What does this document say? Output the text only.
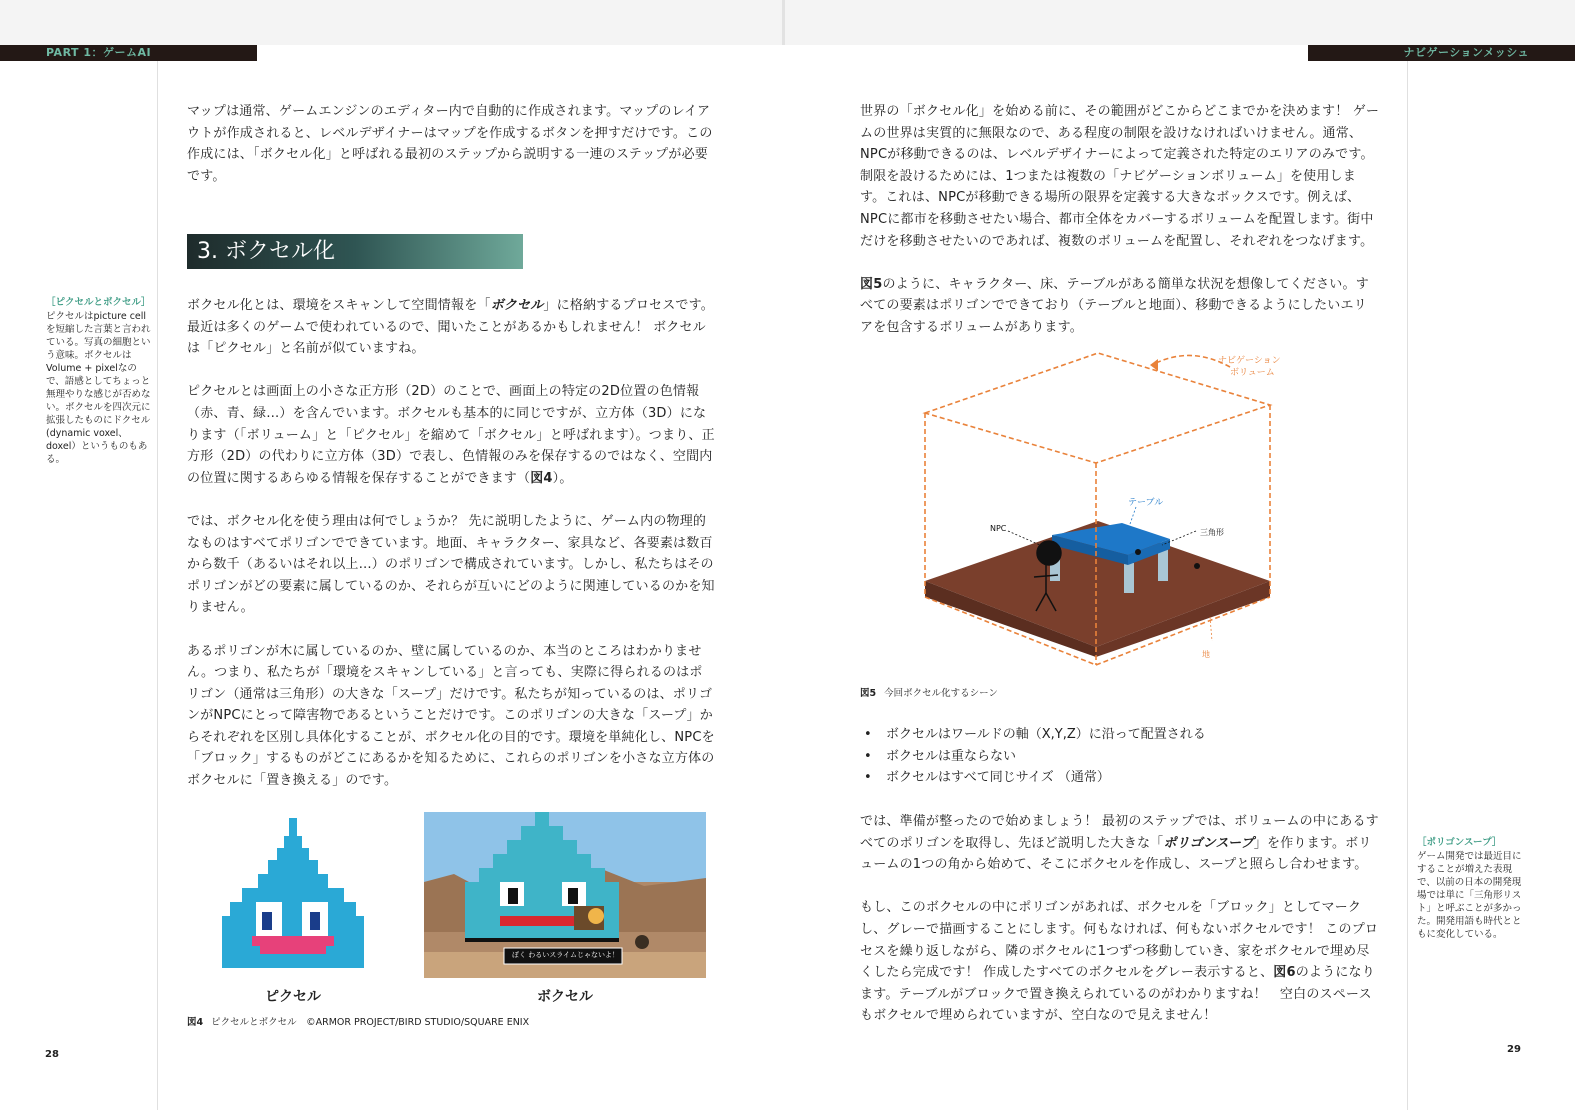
PART 1：ゲームAI	ナビゲーションメッシュ

マップは通常、ゲームエンジンのエディター内で自動的に作成されます。マップのレイアウトが作成されると、レベルデザイナーはマップを作成するボタンを押すだけです。この作成には、「ボクセル化」と呼ばれる最初のステップから説明する一連のステップが必要です。

3. ボクセル化
［ピクセルとボクセル］
ピクセルはpicture cellを短縮した言葉と言われている。写真の細胞という意味。ボクセルはVolume + pixelなので、語感としてちょっと無理やりな感じが否めない。ボクセルを四次元に拡張したものにドクセル(dynamic voxel、doxel）というものもある。

ボクセル化とは、環境をスキャンして空間情報を「ボクセル」に格納するプロセスです。最近は多くのゲームで使われているので、聞いたことがあるかもしれません！ ボクセルは「ピクセル」と名前が似ていますね。

ピクセルとは画面上の小さな正方形（2D）のことで、画面上の特定の2D位置の色情報（赤、青、緑…）を含んでいます。ボクセルも基本的に同じですが、立方体（3D）になります（「ボリューム」と「ピクセル」を縮めて「ボクセル」と呼ばれます）。つまり、正方形（2D）の代わりに立方体（3D）で表し、色情報のみを保存するのではなく、空間内の位置に関するあらゆる情報を保存することができます（図4）。

では、ボクセル化を使う理由は何でしょうか？ 先に説明したように、ゲーム内の物理的なものはすべてポリゴンでできています。地面、キャラクター、家具など、各要素は数百から数千（あるいはそれ以上…）のポリゴンで構成されています。しかし、私たちはそのポリゴンがどの要素に属しているのか、それらが互いにどのように関連しているのかを知りません。

あるポリゴンが木に属しているのか、壁に属しているのか、本当のところはわかりません。つまり、私たちが「環境をスキャンしている」と言っても、実際に得られるのはポリゴン（通常は三角形）の大きな「スープ」だけです。私たちが知っているのは、ポリゴンがNPCにとって障害物であるということだけです。このポリゴンの大きな「スープ」からそれぞれを区別し具体化することが、ボクセル化の目的です。環境を単純化し、NPCを「ブロック」するものがどこにあるかを知るために、これらのポリゴンを小さな立方体のボクセルに「置き換える」のです。

ピクセル
ぼく わるいスライムじゃないよ！
ボクセル
図4 ピクセルとボクセル　©ARMOR PROJECT/BIRD STUDIO/SQUARE ENIX
28

世界の「ボクセル化」を始める前に、その範囲がどこからどこまでかを決めます！ ゲームの世界は実質的に無限なので、ある程度の制限を設けなければいけません。通常、NPCが移動できるのは、レベルデザイナーによって定義された特定のエリアのみです。制限を設けるためには、1つまたは複数の「ナビゲーションボリューム」を使用します。これは、NPCが移動できる場所の限界を定義する大きなボックスです。例えば、NPCに都市を移動させたい場合、都市全体をカバーするボリュームを配置します。街中だけを移動させたいのであれば、複数のボリュームを配置し、それぞれをつなげます。

図5のように、キャラクター、床、テーブルがある簡単な状況を想像してください。すべての要素はポリゴンでできており（テーブルと地面）、移動できるようにしたいエリアを包含するボリュームがあります。

ナビゲーション
ボリューム
テーブル
NPC	三角形
地
図5 今回ボクセル化するシーン
• ボクセルはワールドの軸（X,Y,Z）に沿って配置される
• ボクセルは重ならない
• ボクセルはすべて同じサイズ （通常）

では、準備が整ったので始めましょう！ 最初のステップでは、ボリュームの中にあるすべてのポリゴンを取得し、先ほど説明した大きな「ポリゴンスープ」を作ります。ボリュームの1つの角から始めて、そこにボクセルを作成し、スープと照らし合わせます。

もし、このボクセルの中にポリゴンがあれば、ボクセルを「ブロック」としてマークし、グレーで描画することにします。何もなければ、何もないボクセルです！ このプロセスを繰り返しながら、隣のボクセルに1つずつ移動していき、家をボクセルで埋め尽くしたら完成です！ 作成したすべてのボクセルをグレー表示すると、図6のようになります。テーブルがブロックで置き換えられているのがわかりますね！　空白のスペースもボクセルで埋められていますが、空白なので見えません！

［ポリゴンスープ］
ゲーム開発では最近目にすることが増えた表現で、以前の日本の開発現場では単に「三角形リスト」と呼ぶことが多かった。開発用語も時代とともに変化している。
29
